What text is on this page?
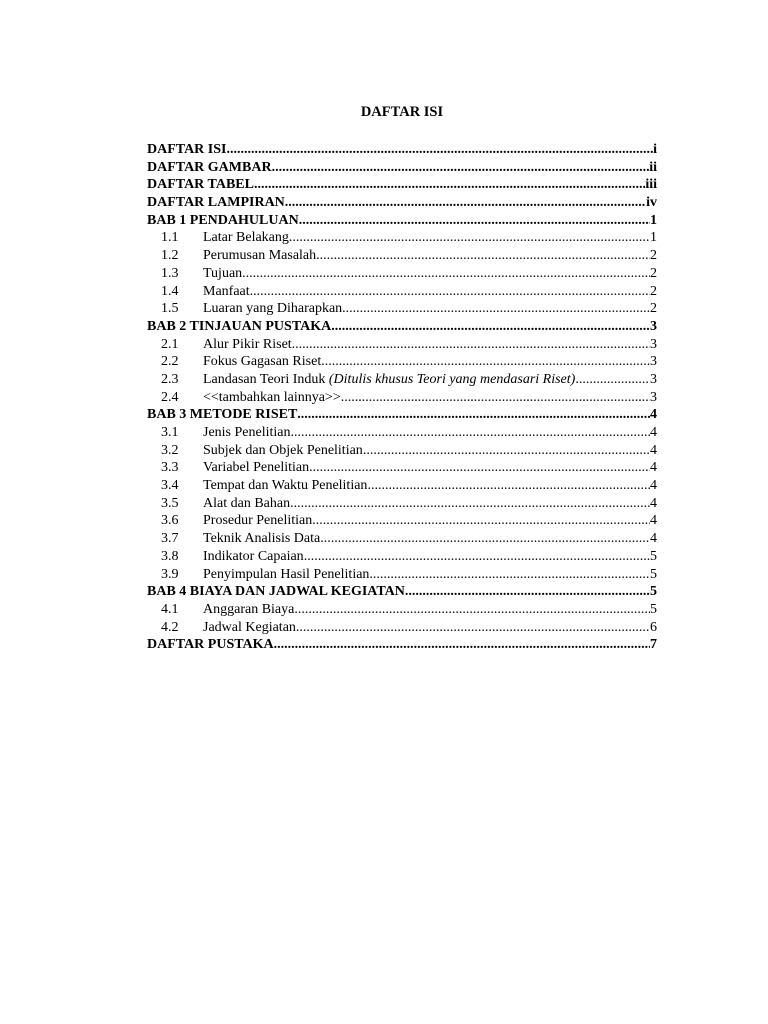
DAFTAR ISI
DAFTAR ISI .....	i
DAFTAR GAMBAR .....	ii
DAFTAR TABEL .....	iii
DAFTAR LAMPIRAN .....	iv
BAB 1 PENDAHULUAN .....	1
1.1	Latar Belakang .....	1
1.2	Perumusan Masalah .....	2
1.3	Tujuan .....	2
1.4	Manfaat .....	2
1.5	Luaran yang Diharapkan .....	2
BAB 2 TINJAUAN PUSTAKA .....	3
2.1	Alur Pikir Riset .....	3
2.2	Fokus Gagasan Riset .....	3
2.3	Landasan Teori Induk (Ditulis khusus Teori yang mendasari Riset) .....	3
2.4	<<tambahkan lainnya>> .....	3
BAB 3 METODE RISET .....	4
3.1	Jenis Penelitian .....	4
3.2	Subjek dan Objek Penelitian .....	4
3.3	Variabel Penelitian .....	4
3.4	Tempat dan Waktu Penelitian .....	4
3.5	Alat dan Bahan .....	4
3.6	Prosedur Penelitian .....	4
3.7	Teknik Analisis Data .....	4
3.8	Indikator Capaian .....	5
3.9	Penyimpulan Hasil Penelitian .....	5
BAB 4 BIAYA DAN JADWAL KEGIATAN .....	5
4.1	Anggaran Biaya .....	5
4.2	Jadwal Kegiatan .....	6
DAFTAR PUSTAKA .....	7
